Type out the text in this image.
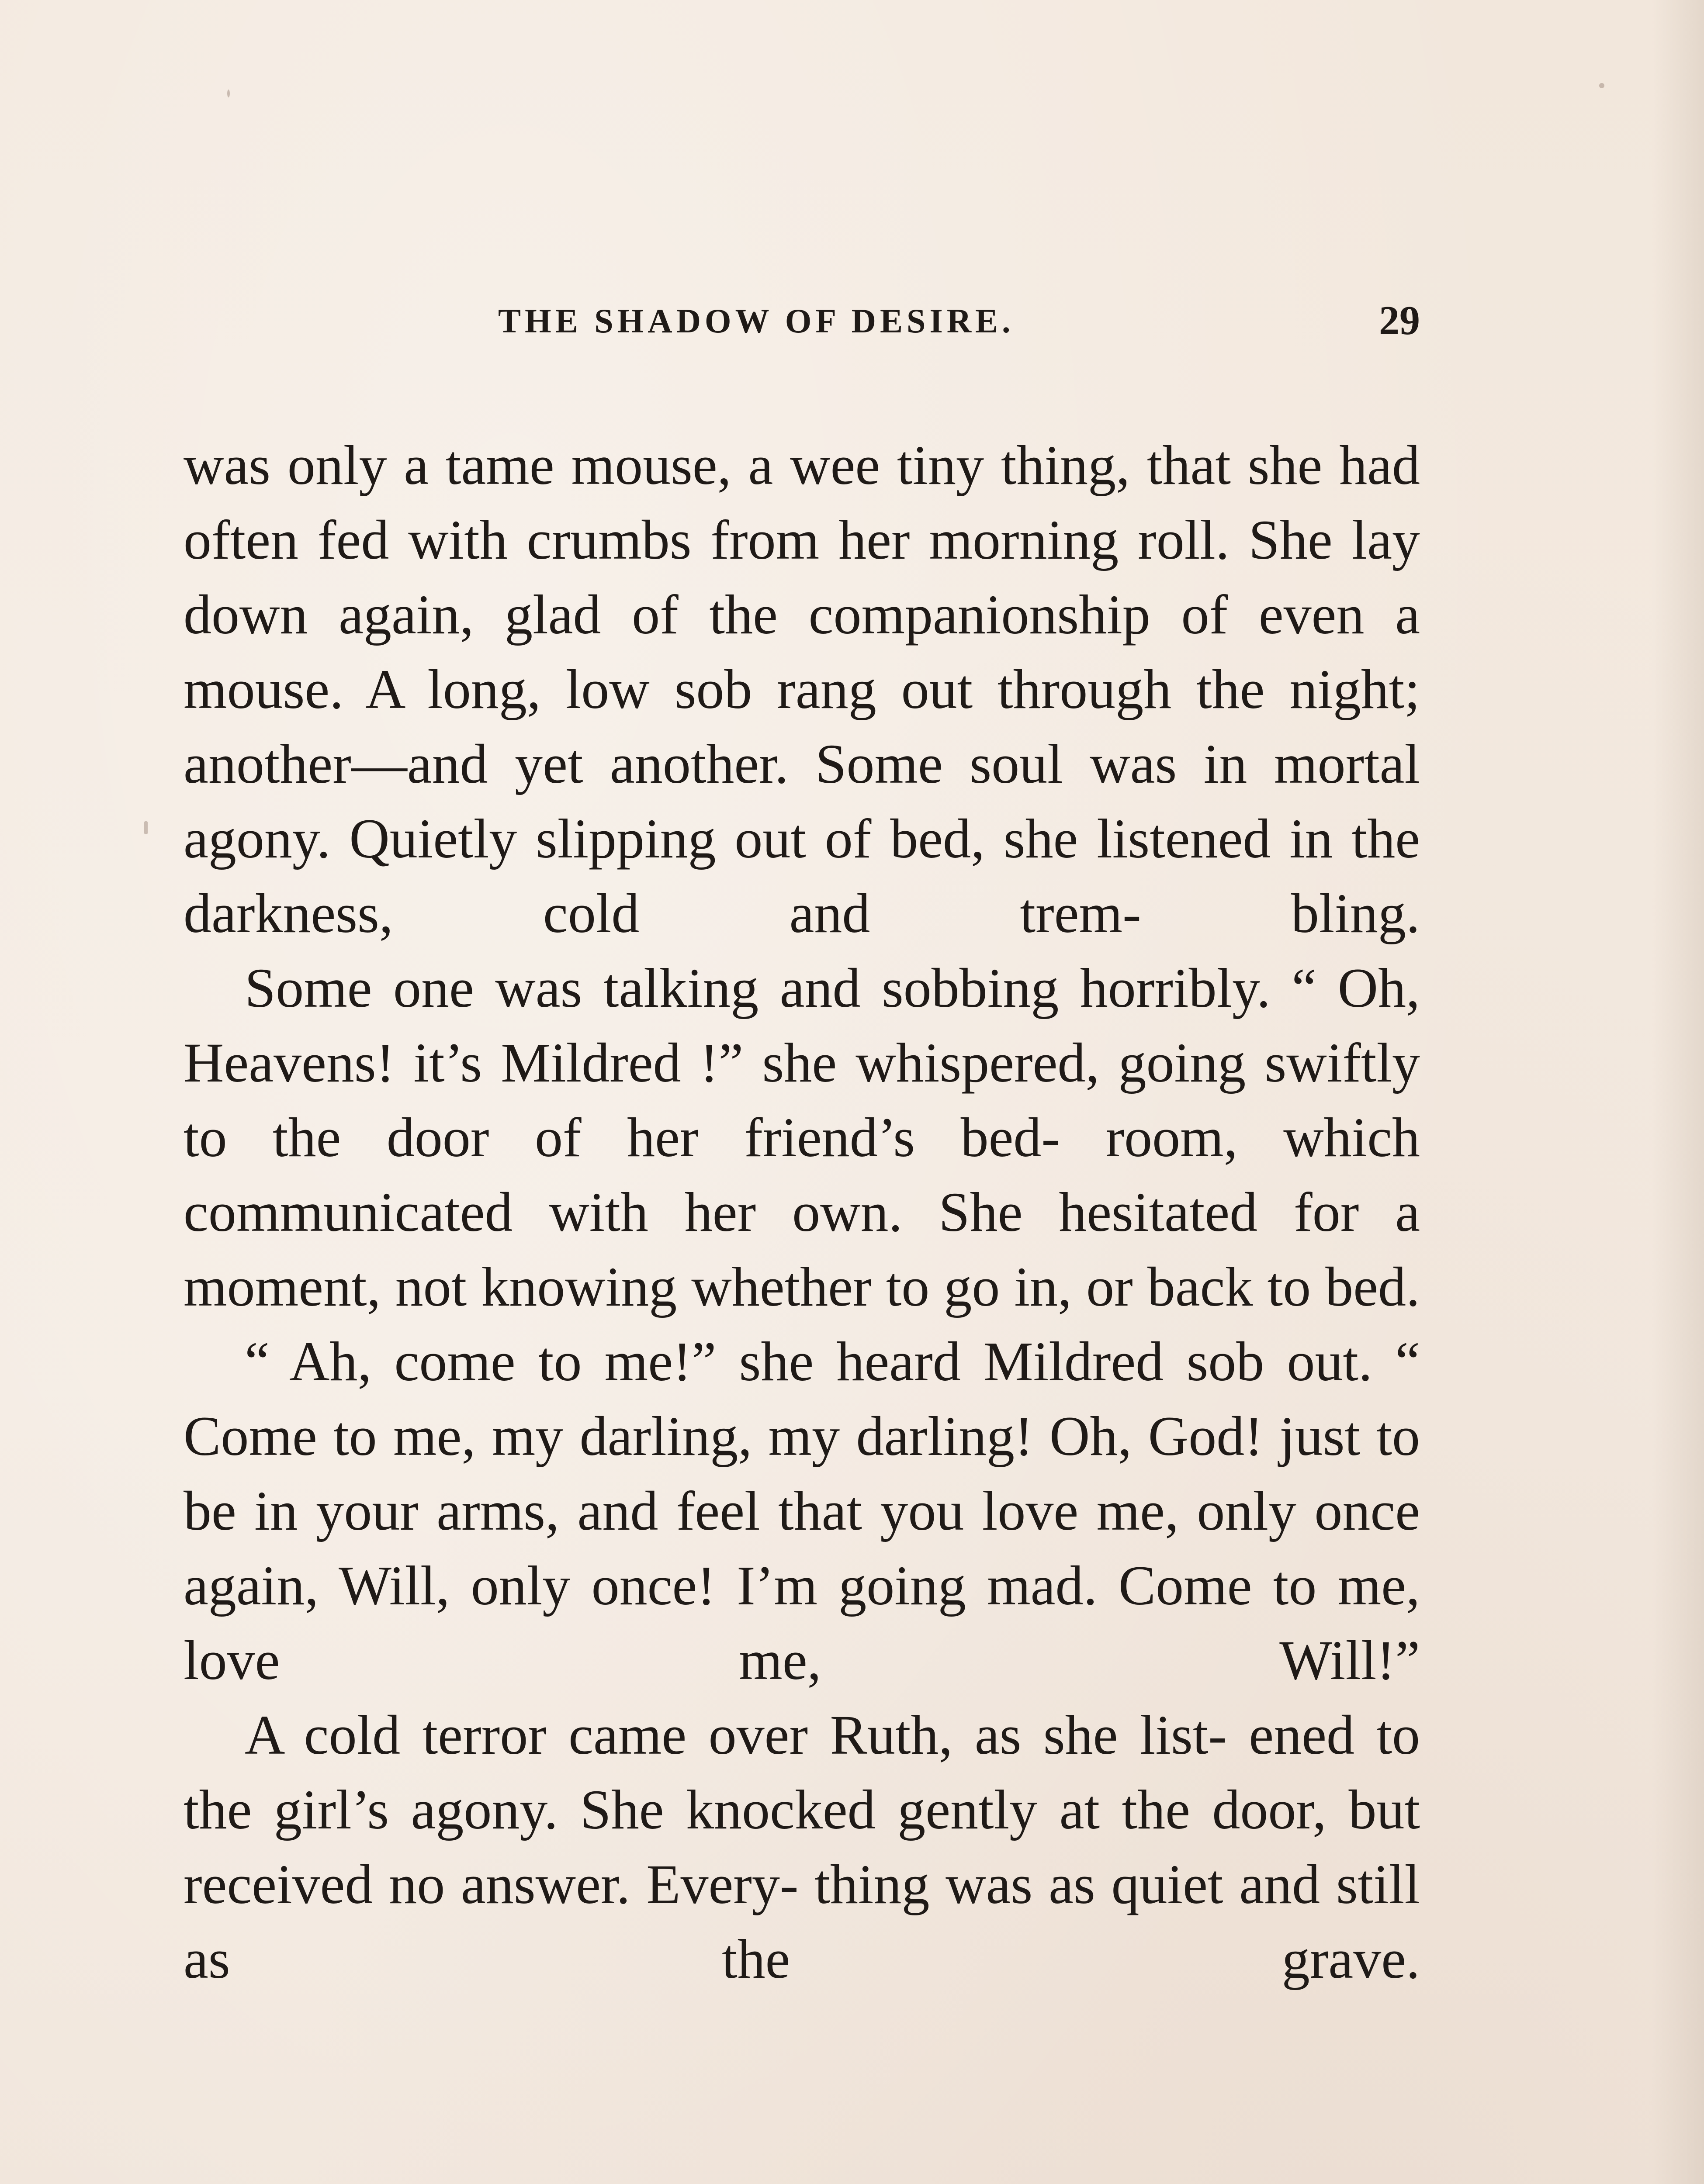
THE SHADOW OF DESIRE.	29

was only a tame mouse, a wee tiny thing, that she had often fed with crumbs from her morning roll. She lay down again, glad of the companionship of even a mouse. A long, low sob rang out through the night; another—and yet another. Some soul was in mortal agony. Quietly slipping out of bed, she listened in the darkness, cold and trem- bling.

Some one was talking and sobbing horribly. “ Oh, Heavens! it’s Mildred !” she whispered, going swiftly to the door of her friend’s bed- room, which communicated with her own. She hesitated for a moment, not knowing whether to go in, or back to bed.

“ Ah, come to me!” she heard Mildred sob out. “ Come to me, my darling, my darling! Oh, God! just to be in your arms, and feel that you love me, only once again, Will, only once! I’m going mad. Come to me, love me, Will!”

A cold terror came over Ruth, as she list- ened to the girl’s agony. She knocked gently at the door, but received no answer. Every- thing was as quiet and still as the grave.
